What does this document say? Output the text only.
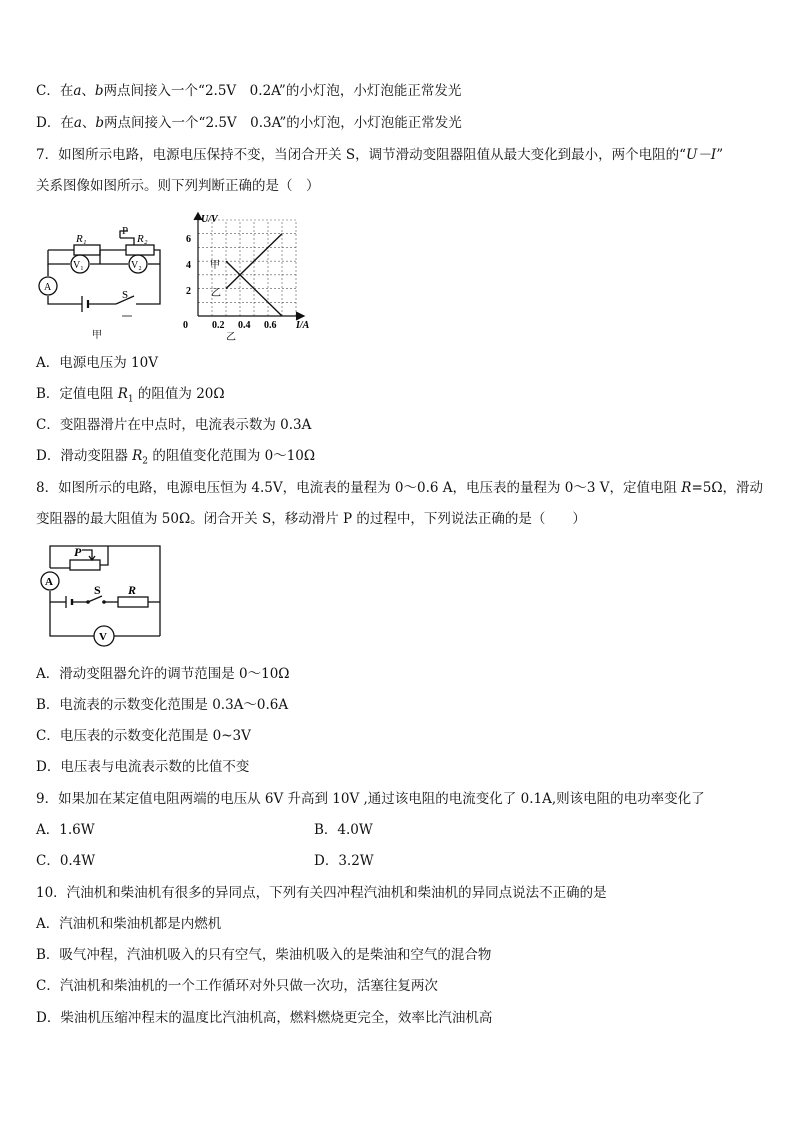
C．在a、b两点间接入一个“2.5V　0.2A”的小灯泡，小灯泡能正常发光
D．在a、b两点间接入一个“2.5V　0.3A”的小灯泡，小灯泡能正常发光
7．如图所示电路，电源电压保持不变，当闭合开关 S，调节滑动变阻器阻值从最大变化到最小，两个电阻的“U－I”
关系图像如图所示。则下列判断正确的是（　）
R₁
P
R₂
V₁	V₂
A
S
甲
U/V
I/A
2
4
6
0 0.2 0.4 0.6
甲
乙
乙
A．电源电压为 10V
B．定值电阻 $R_1$ 的阻值为 20Ω
C．变阻器滑片在中点时，电流表示数为 0.3A
D．滑动变阻器 $R_2$ 的阻值变化范围为 0～10Ω
8．如图所示的电路，电源电压恒为 4.5V，电流表的量程为 0～0.6 A，电压表的量程为 0～3 V，定值电阻 R=5Ω，滑动
变阻器的最大阻值为 50Ω。闭合开关 S，移动滑片 P 的过程中，下列说法正确的是（　　）
P
A
S R
V
A．滑动变阻器允许的调节范围是 0～10Ω
B．电流表的示数变化范围是 0.3A～0.6A
C．电压表的示数变化范围是 0~3V
D．电压表与电流表示数的比值不变
9．如果加在某定值电阻两端的电压从 6V 升高到 10V ,通过该电阻的电流变化了 0.1A,则该电阻的电功率变化了
A．1.6W	B．4.0W
C．0.4W	D．3.2W
10．汽油机和柴油机有很多的异同点，下列有关四冲程汽油机和柴油机的异同点说法不正确的是
A．汽油机和柴油机都是内燃机
B．吸气冲程，汽油机吸入的只有空气，柴油机吸入的是柴油和空气的混合物
C．汽油机和柴油机的一个工作循环对外只做一次功，活塞往复两次
D．柴油机压缩冲程末的温度比汽油机高，燃料燃烧更完全，效率比汽油机高
